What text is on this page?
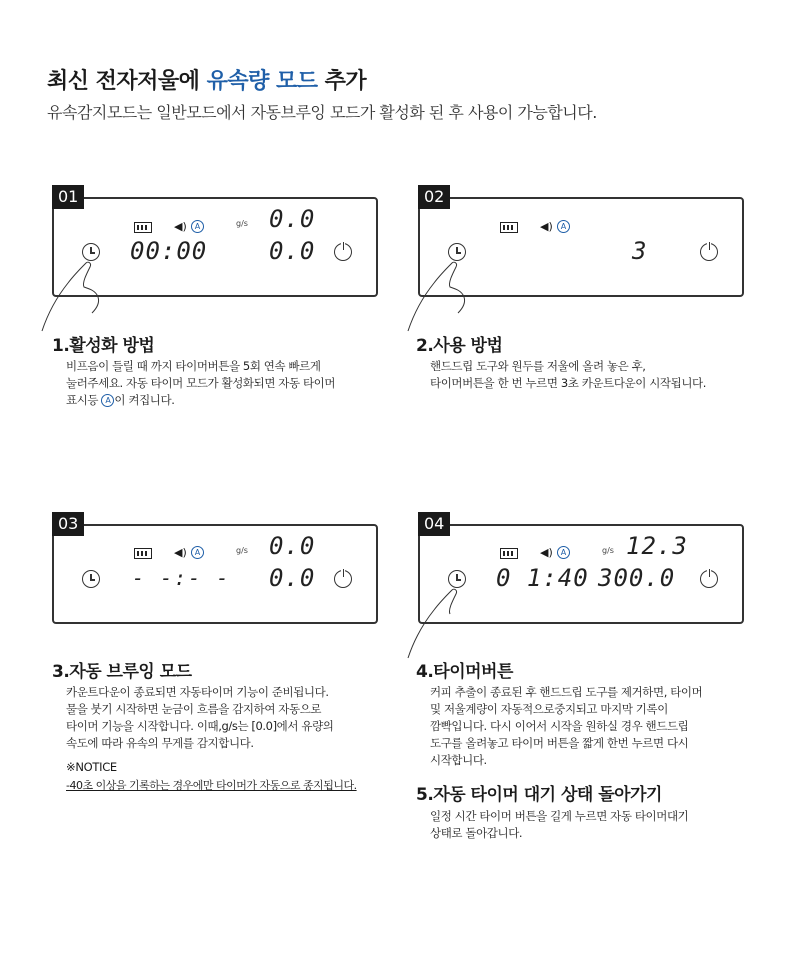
최신 전자저울에 유속량 모드 추가

유속감지모드는 일반모드에서 자동브루잉 모드가 활성화 된 후 사용이 가능합니다.

01
◀) A	g/s 0.0
00:00	0.0
02
◀) A
3
1.활성화 방법
비프음이 들릴 때 까지 타이머버튼을 5회 연속 빠르게
눌러주세요. 자동 타이머 모드가 활성화되면 자동 타이머
표시등 A 이 켜집니다.
2.사용 방법
핸드드립 도구와 원두를 저울에 올려 놓은 후,
타이머버튼을 한 번 누르면 3초 카운트다운이 시작됩니다.
03
◀) A	g/s 0.0
- -:- - 0.0
04
◀) A	g/s 12.3
0 1:40 300.0
3.자동 브루잉 모드
카운트다운이 종료되면 자동타이머 기능이 준비됩니다.
물을 붓기 시작하면 눈금이 흐름을 감지하여 자동으로
타이머 기능을 시작합니다. 이때,g/s는 [0.0]에서 유량의
속도에 따라 유속의 무게를 감지합니다.
※NOTICE
-40초 이상을 기록하는 경우에만 타이머가 자동으로 종지됩니다.
4.타이머버튼
커피 추출이 종료된 후 핸드드립 도구를 제거하면, 타이머
및 저울계량이 자동적으로중지되고 마지막 기록이
깜빡입니다. 다시 이어서 시작을 원하실 경우 핸드드립
도구를 올려놓고 타이머 버튼을 짧게 한번 누르면 다시
시작합니다.
5.자동 타이머 대기 상태 돌아가기
일정 시간 타이머 버튼을 길게 누르면 자동 타이머대기
상태로 돌아갑니다.
